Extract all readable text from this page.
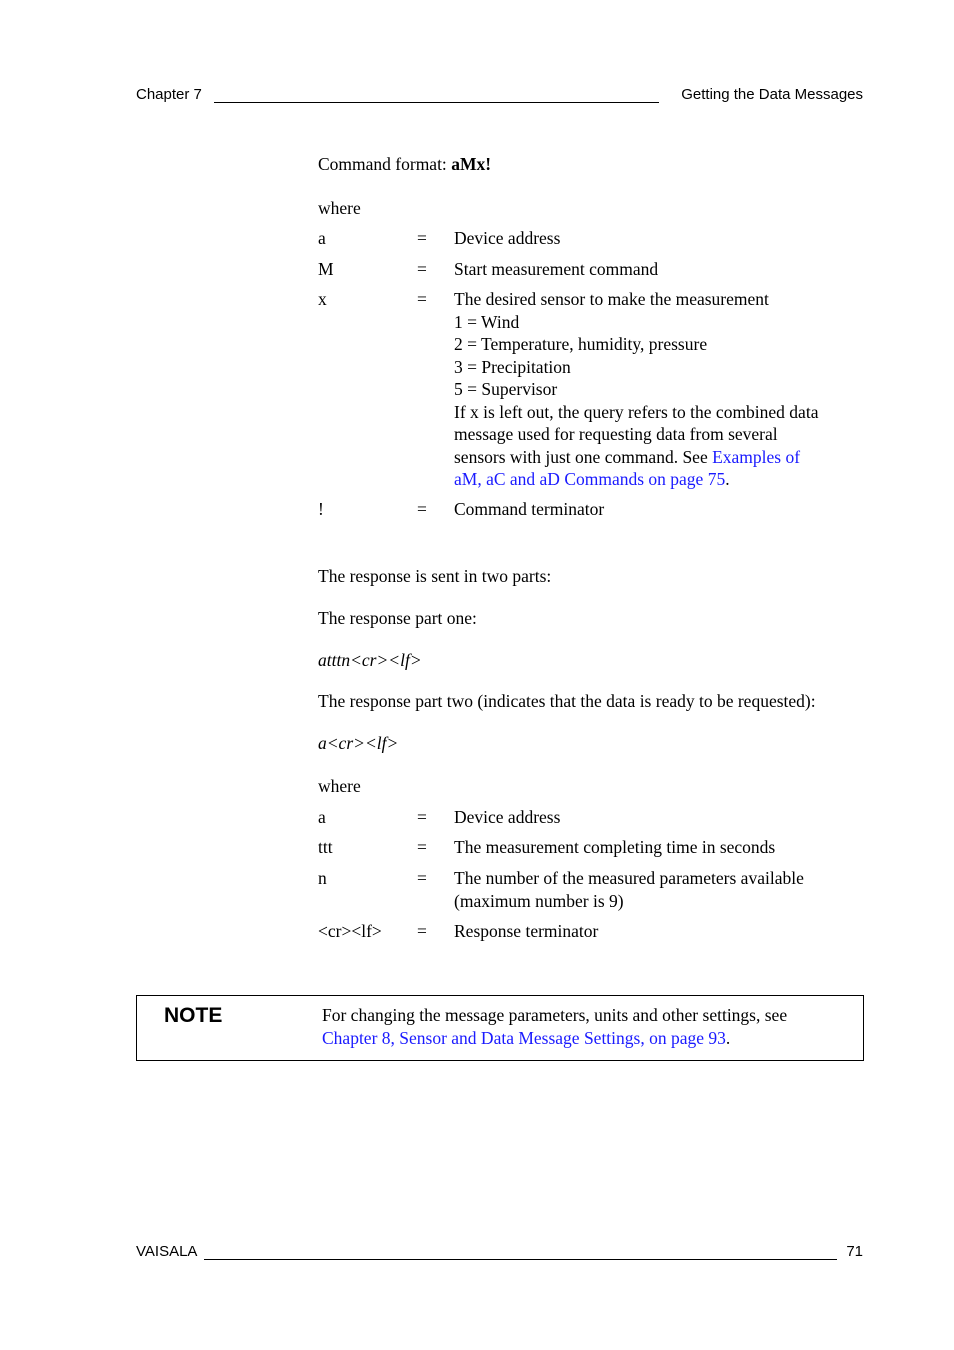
Chapter 7	Getting the Data Messages
Command format: aMx!
where
a	= Device address
M	= Start measurement command
x	= The desired sensor to make the measurement
1 = Wind
2 = Temperature, humidity, pressure
3 = Precipitation
5 = Supervisor
If x is left out, the query refers to the combined data
message used for requesting data from several
sensors with just one command. See Examples of
aM, aC and aD Commands on page 75.
!	= Command terminator
The response is sent in two parts:
The response part one:
atttn<cr><lf>
The response part two (indicates that the data is ready to be requested):
a<cr><lf>
where
a	= Device address
ttt	= The measurement completing time in seconds
n	= The number of the measured parameters available
(maximum number is 9)
<cr><lf> = Response terminator
NOTE	For changing the message parameters, units and other settings, see
Chapter 8, Sensor and Data Message Settings, on page 93.
VAISALA	71
